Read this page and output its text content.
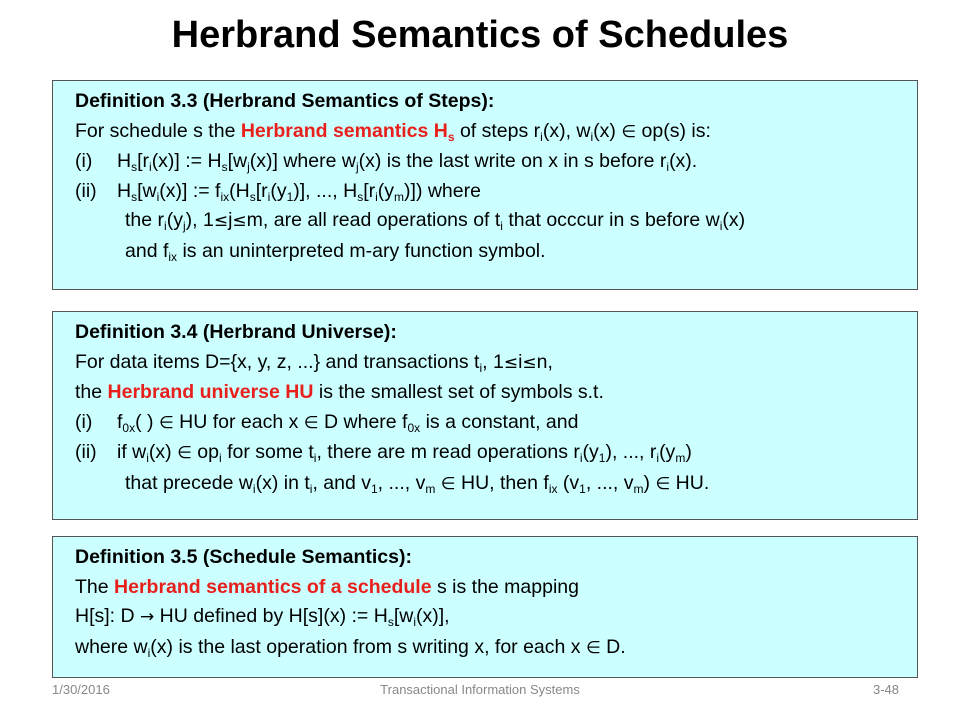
Herbrand Semantics of Schedules
Definition 3.3 (Herbrand Semantics of Steps):
For schedule s the Herbrand semantics $H_s$ of steps $r_i(x)$, $w_i(x)$ ∈ op(s) is:
(i) $H_s[r_i(x)]$ := $H_s[w_j(x)]$ where $w_j(x)$ is the last write on x in s before $r_i(x)$.
(ii) $H_s[w_i(x)]$ := $f_{ix}(H_s[r_i(y_1)]$, ..., $H_s[r_i(y_m)]$) where
the $r_i(y_j)$, 1≤j≤m, are all read operations of $t_i$ that occcur in s before $w_i(x)$
and $f_{ix}$ is an uninterpreted m-ary function symbol.
Definition 3.4 (Herbrand Universe):
For data items D={x, y, z, ...} and transactions $t_i$, 1≤i≤n,
the Herbrand universe HU is the smallest set of symbols s.t.
(i) $f_{0x}$( ) ∈ HU for each x ∈ D where $f_{0x}$ is a constant, and
(ii) if $w_i(x)$ ∈ $op_i$ for some $t_i$, there are m read operations $r_i(y_1)$, ..., $r_i(y_m)$
that precede $w_i(x)$ in $t_i$, and $v_1$, ..., $v_m$ ∈ HU, then $f_{ix}$ ($v_1$, ..., $v_m$) ∈ HU.
Definition 3.5 (Schedule Semantics):
The Herbrand semantics of a schedule s is the mapping
H[s]: D → HU defined by H[s](x) := $H_s[w_i(x)]$,
where $w_i(x)$ is the last operation from s writing x, for each x ∈ D.
1/30/2016	Transactional Information Systems	3-48
